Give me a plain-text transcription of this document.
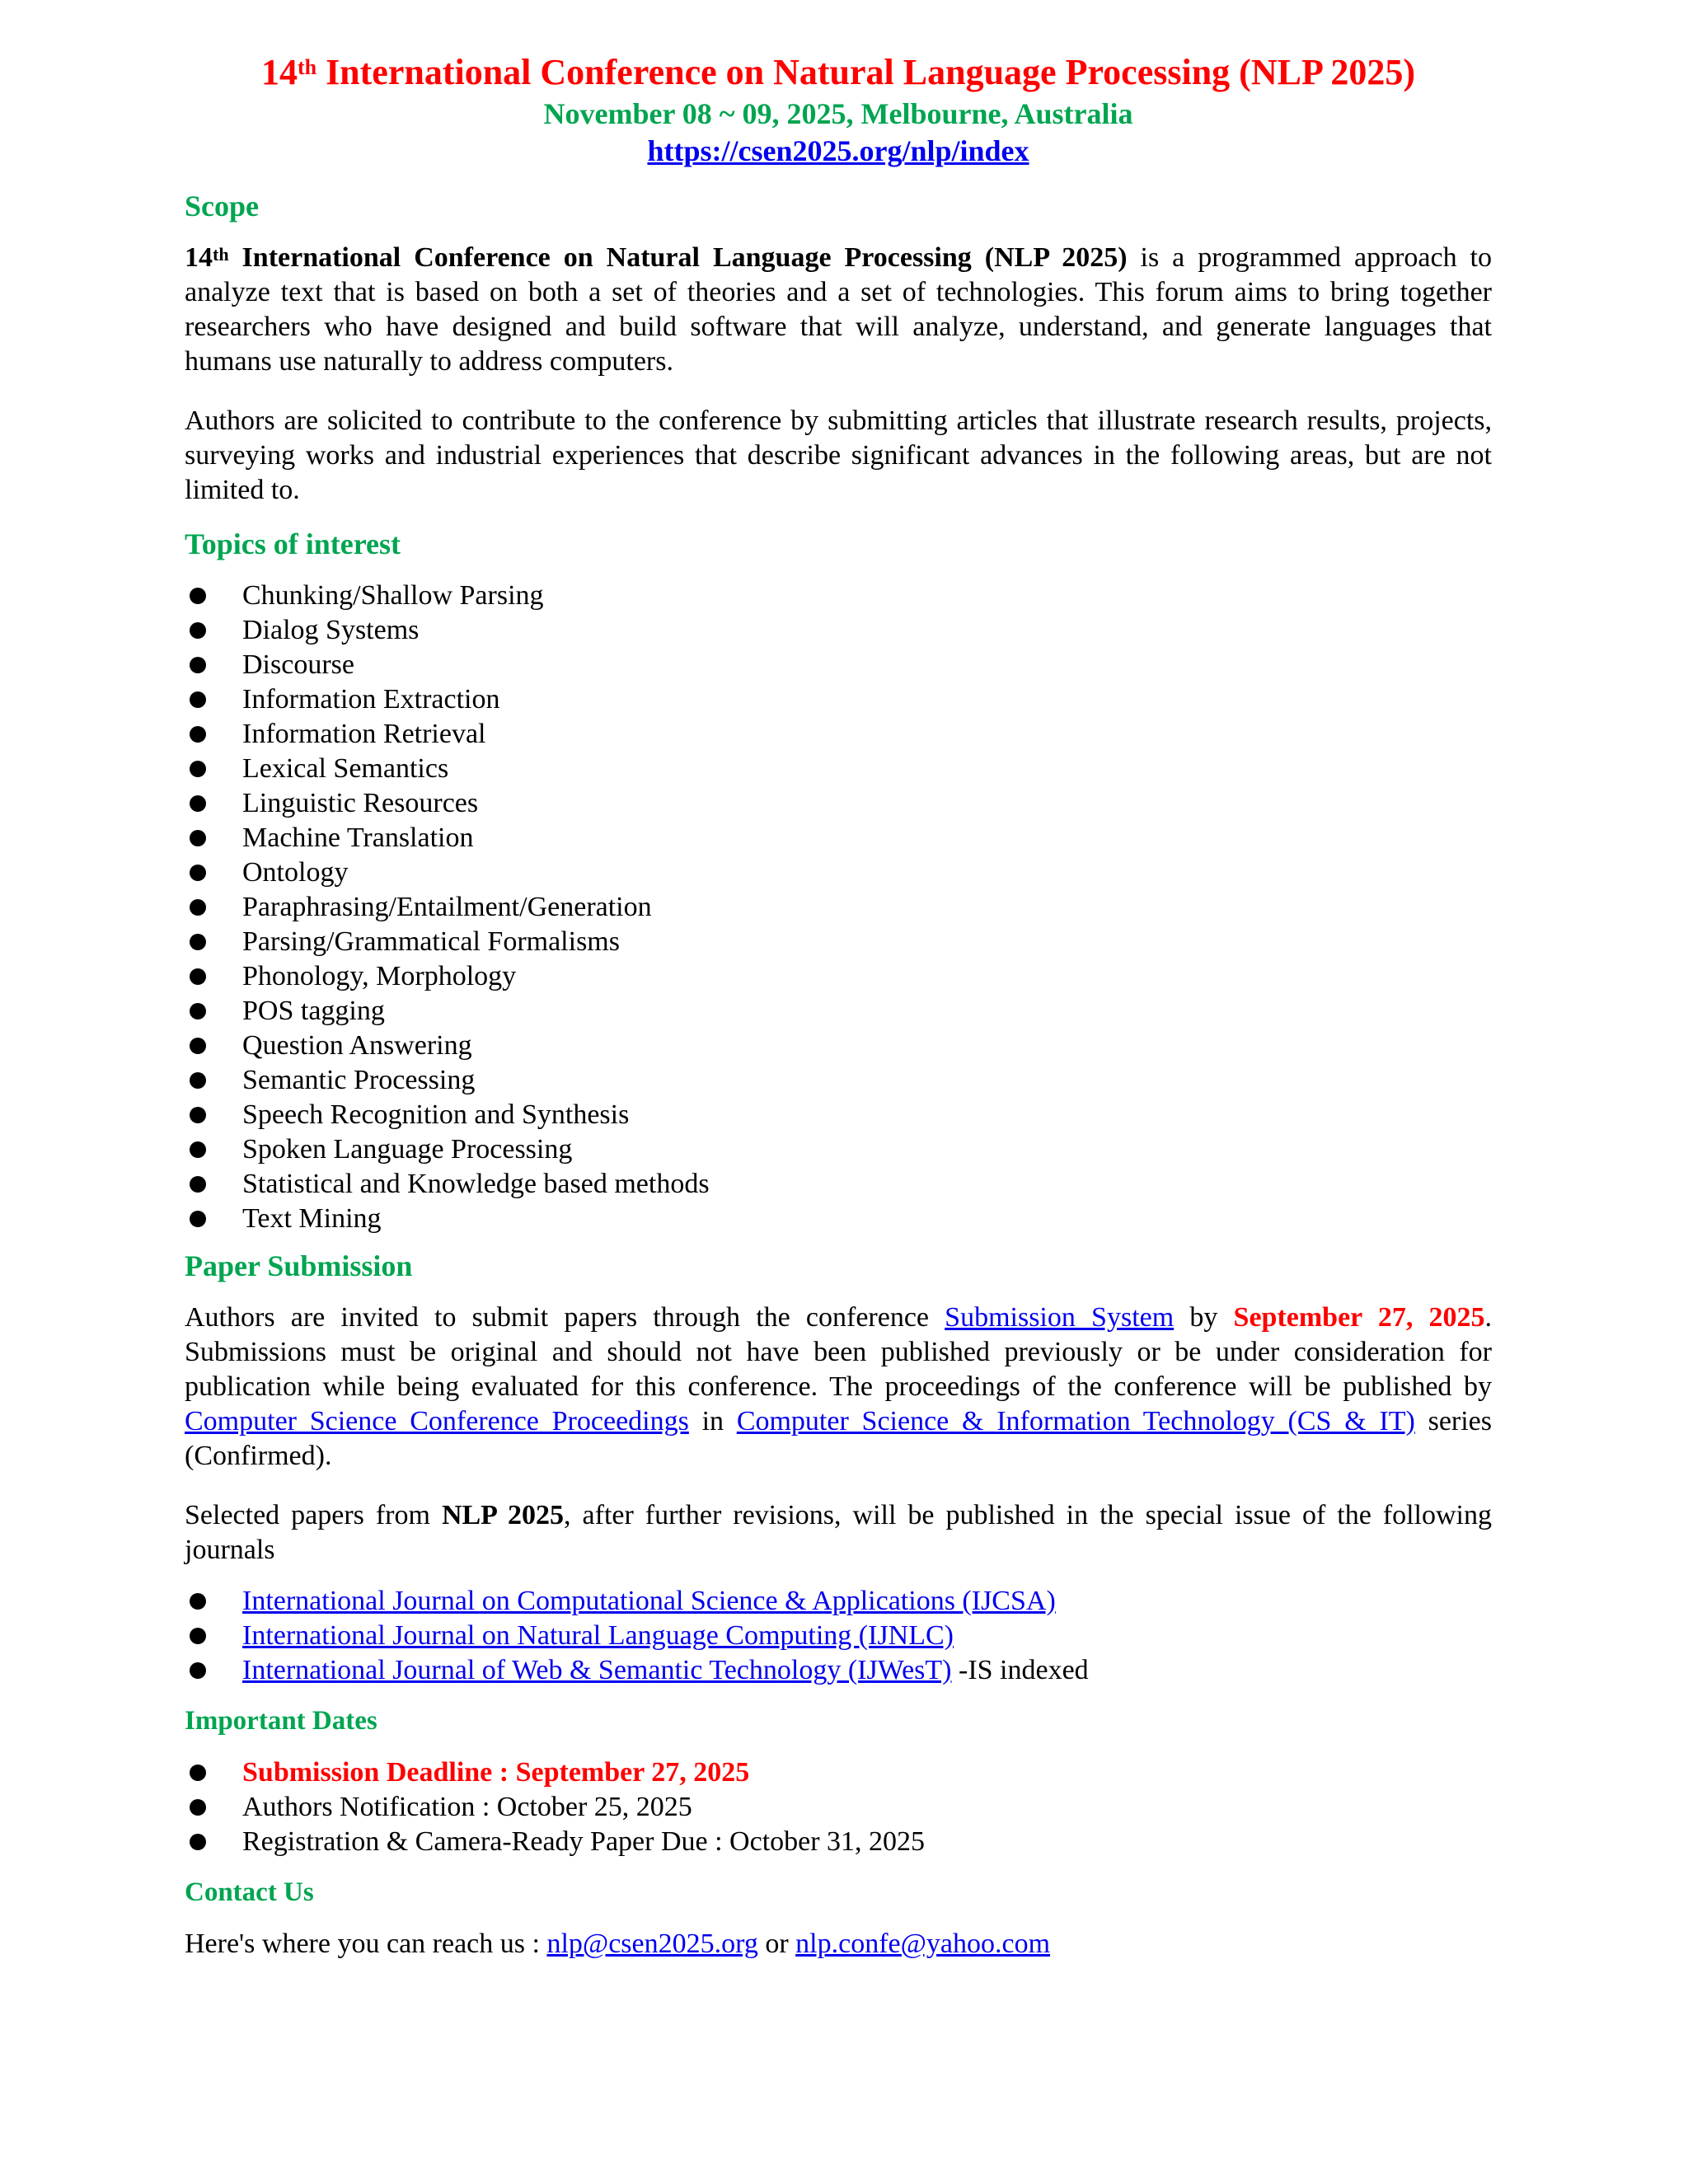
14th International Conference on Natural Language Processing (NLP 2025)
November 08 ~ 09, 2025, Melbourne, Australia
https://csen2025.org/nlp/index
Scope

14th International Conference on Natural Language Processing (NLP 2025) is a programmed approach to analyze text that is based on both a set of theories and a set of technologies. This forum aims to bring together researchers who have designed and build software that will analyze, understand, and generate languages that humans use naturally to address computers.

Authors are solicited to contribute to the conference by submitting articles that illustrate research results, projects, surveying works and industrial experiences that describe significant advances in the following areas, but are not limited to.

Topics of interest
Chunking/Shallow Parsing
Dialog Systems
Discourse
Information Extraction
Information Retrieval
Lexical Semantics
Linguistic Resources
Machine Translation
Ontology
Paraphrasing/Entailment/Generation
Parsing/Grammatical Formalisms
Phonology, Morphology
POS tagging
Question Answering
Semantic Processing
Speech Recognition and Synthesis
Spoken Language Processing
Statistical and Knowledge based methods
Text Mining
Paper Submission

Authors are invited to submit papers through the conference Submission System by September 27, 2025. Submissions must be original and should not have been published previously or be under consideration for publication while being evaluated for this conference. The proceedings of the conference will be published by Computer Science Conference Proceedings in Computer Science & Information Technology (CS & IT) series (Confirmed).

Selected papers from NLP 2025, after further revisions, will be published in the special issue of the following journals

International Journal on Computational Science & Applications (IJCSA)
International Journal on Natural Language Computing (IJNLC)
International Journal of Web & Semantic Technology (IJWesT) -IS indexed
Important Dates
Submission Deadline : September 27, 2025
Authors Notification : October 25, 2025
Registration & Camera-Ready Paper Due : October 31, 2025
Contact Us

Here's where you can reach us : nlp@csen2025.org or nlp.confe@yahoo.com
